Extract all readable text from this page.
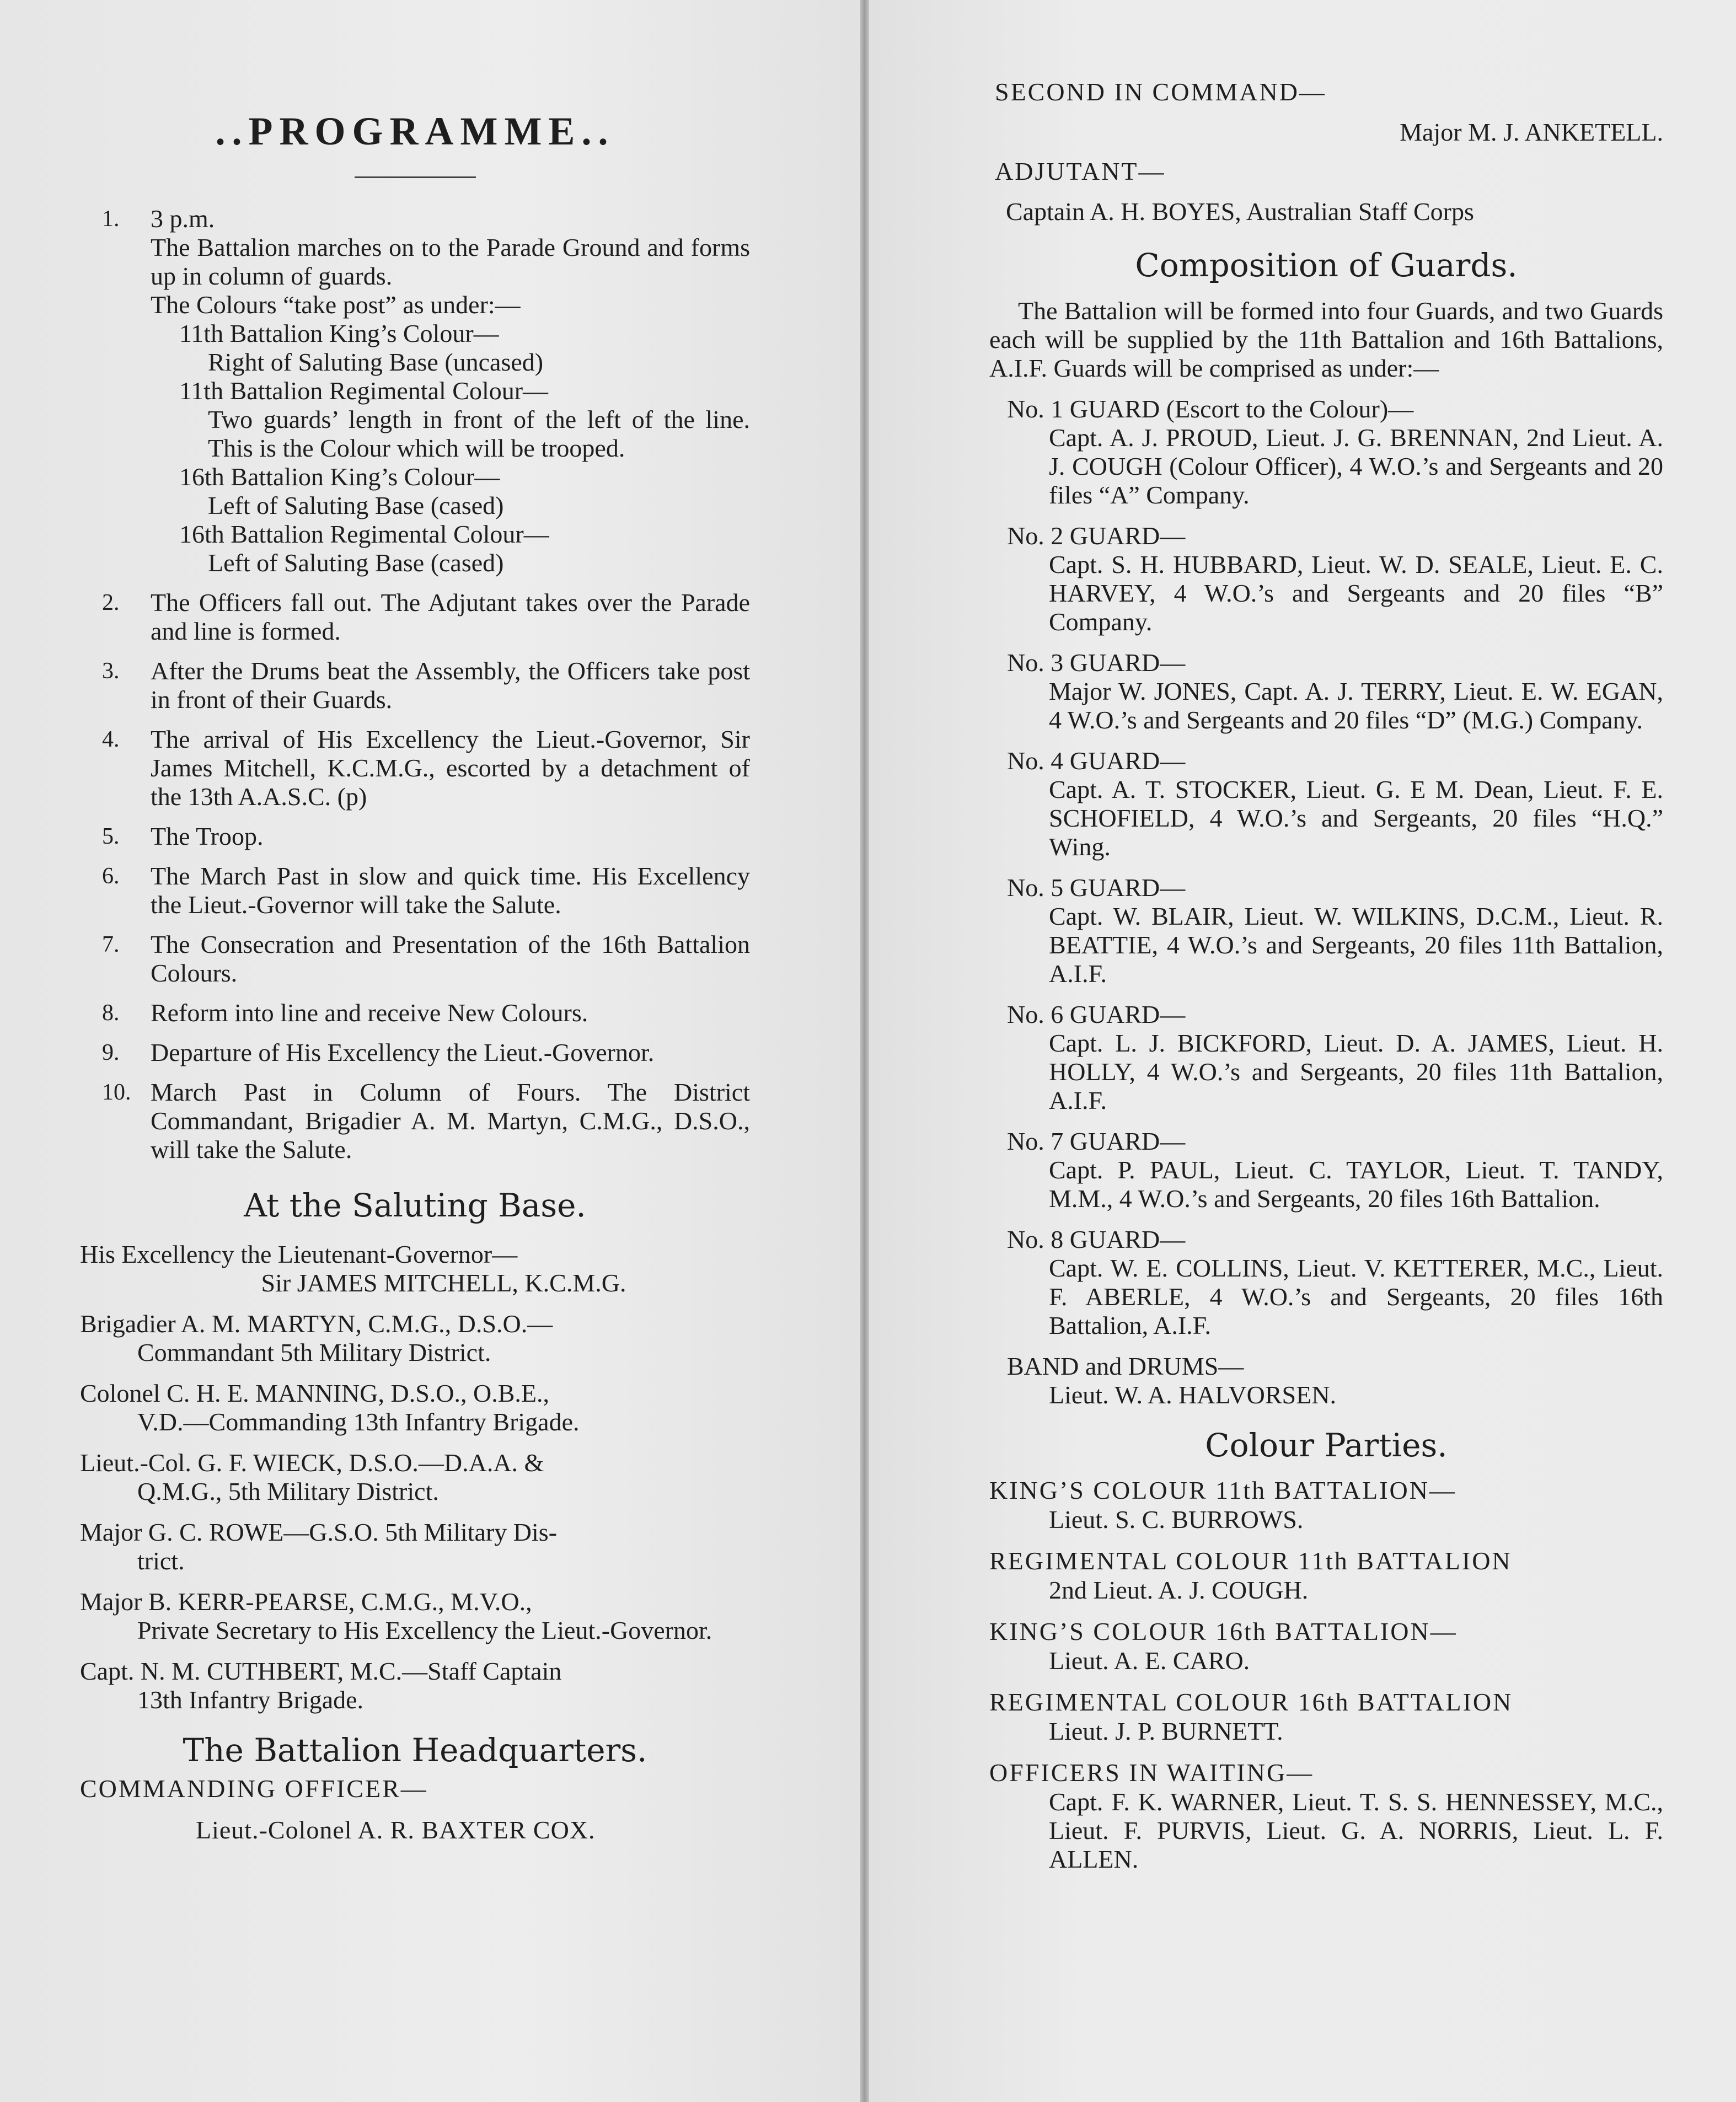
..PROGRAMME..
1.	3 p.m.
The Battalion marches on to the Parade Ground and forms up in column of guards.
The Colours “take post” as under:—
11th Battalion King’s Colour—
Right of Saluting Base (uncased)
11th Battalion Regimental Colour—
Two guards’ length in front of the left of the line. This is the Colour which will be trooped.
16th Battalion King’s Colour—
Left of Saluting Base (cased)
16th Battalion Regimental Colour—
Left of Saluting Base (cased)
2.	The Officers fall out. The Adjutant takes over the Parade and line is formed.
3.	After the Drums beat the Assembly, the Officers take post in front of their Guards.
4.	The arrival of His Excellency the Lieut.-Governor, Sir James Mitchell, K.C.M.G., escorted by a detachment of the 13th A.A.S.C. (p)
5.	The Troop.
6.	The March Past in slow and quick time. His Excellency the Lieut.-Governor will take the Salute.
7.	The Consecration and Presentation of the 16th Battalion Colours.
8.	Reform into line and receive New Colours.
9.	Departure of His Excellency the Lieut.-Governor.
10. March Past in Column of Fours. The District Commandant, Brigadier A. M. Martyn, C.M.G., D.S.O., will take the Salute.
At the Saluting Base.
His Excellency the Lieutenant-Governor—
Sir JAMES MITCHELL, K.C.M.G.
Brigadier A. M. MARTYN, C.M.G., D.S.O.—
Commandant 5th Military District.
Colonel C. H. E. MANNING, D.S.O., O.B.E.,
V.D.—Commanding 13th Infantry Brigade.
Lieut.-Col. G. F. WIECK, D.S.O.—D.A.A. &
Q.M.G., 5th Military District.
Major G. C. ROWE—G.S.O. 5th Military Dis-
trict.
Major B. KERR-PEARSE, C.M.G., M.V.O.,
Private Secretary to His Excellency the Lieut.-Governor.
Capt. N. M. CUTHBERT, M.C.—Staff Captain
13th Infantry Brigade.
The Battalion Headquarters.
COMMANDING OFFICER—
Lieut.-Colonel A. R. BAXTER COX.
SECOND IN COMMAND—
Major M. J. ANKETELL.
ADJUTANT—
Captain A. H. BOYES, Australian Staff Corps
Composition of Guards.
The Battalion will be formed into four Guards, and two Guards each will be supplied by the 11th Battalion and 16th Battalions, A.I.F. Guards will be comprised as under:—
No. 1 GUARD (Escort to the Colour)—
Capt. A. J. PROUD, Lieut. J. G. BRENNAN, 2nd Lieut. A. J. COUGH (Colour Officer), 4 W.O.’s and Sergeants and 20 files “A” Company.
No. 2 GUARD—
Capt. S. H. HUBBARD, Lieut. W. D. SEALE, Lieut. E. C. HARVEY, 4 W.O.’s and Sergeants and 20 files “B” Company.
No. 3 GUARD—
Major W. JONES, Capt. A. J. TERRY, Lieut. E. W. EGAN, 4 W.O.’s and Sergeants and 20 files “D” (M.G.) Company.
No. 4 GUARD—
Capt. A. T. STOCKER, Lieut. G. E M. Dean, Lieut. F. E. SCHOFIELD, 4 W.O.’s and Sergeants, 20 files “H.Q.” Wing.
No. 5 GUARD—
Capt. W. BLAIR, Lieut. W. WILKINS, D.C.M., Lieut. R. BEATTIE, 4 W.O.’s and Sergeants, 20 files 11th Battalion, A.I.F.
No. 6 GUARD—
Capt. L. J. BICKFORD, Lieut. D. A. JAMES, Lieut. H. HOLLY, 4 W.O.’s and Sergeants, 20 files 11th Battalion, A.I.F.
No. 7 GUARD—
Capt. P. PAUL, Lieut. C. TAYLOR, Lieut. T. TANDY, M.M., 4 W.O.’s and Sergeants, 20 files 16th Battalion.
No. 8 GUARD—
Capt. W. E. COLLINS, Lieut. V. KETTERER, M.C., Lieut. F. ABERLE, 4 W.O.’s and Sergeants, 20 files 16th Battalion, A.I.F.
BAND and DRUMS—
Lieut. W. A. HALVORSEN.
Colour Parties.
KING’S COLOUR 11th BATTALION—
Lieut. S. C. BURROWS.
REGIMENTAL COLOUR 11th BATTALION
2nd Lieut. A. J. COUGH.
KING’S COLOUR 16th BATTALION—
Lieut. A. E. CARO.
REGIMENTAL COLOUR 16th BATTALION
Lieut. J. P. BURNETT.
OFFICERS IN WAITING—
Capt. F. K. WARNER, Lieut. T. S. S. HENNESSEY, M.C., Lieut. F. PURVIS, Lieut. G. A. NORRIS, Lieut. L. F. ALLEN.
